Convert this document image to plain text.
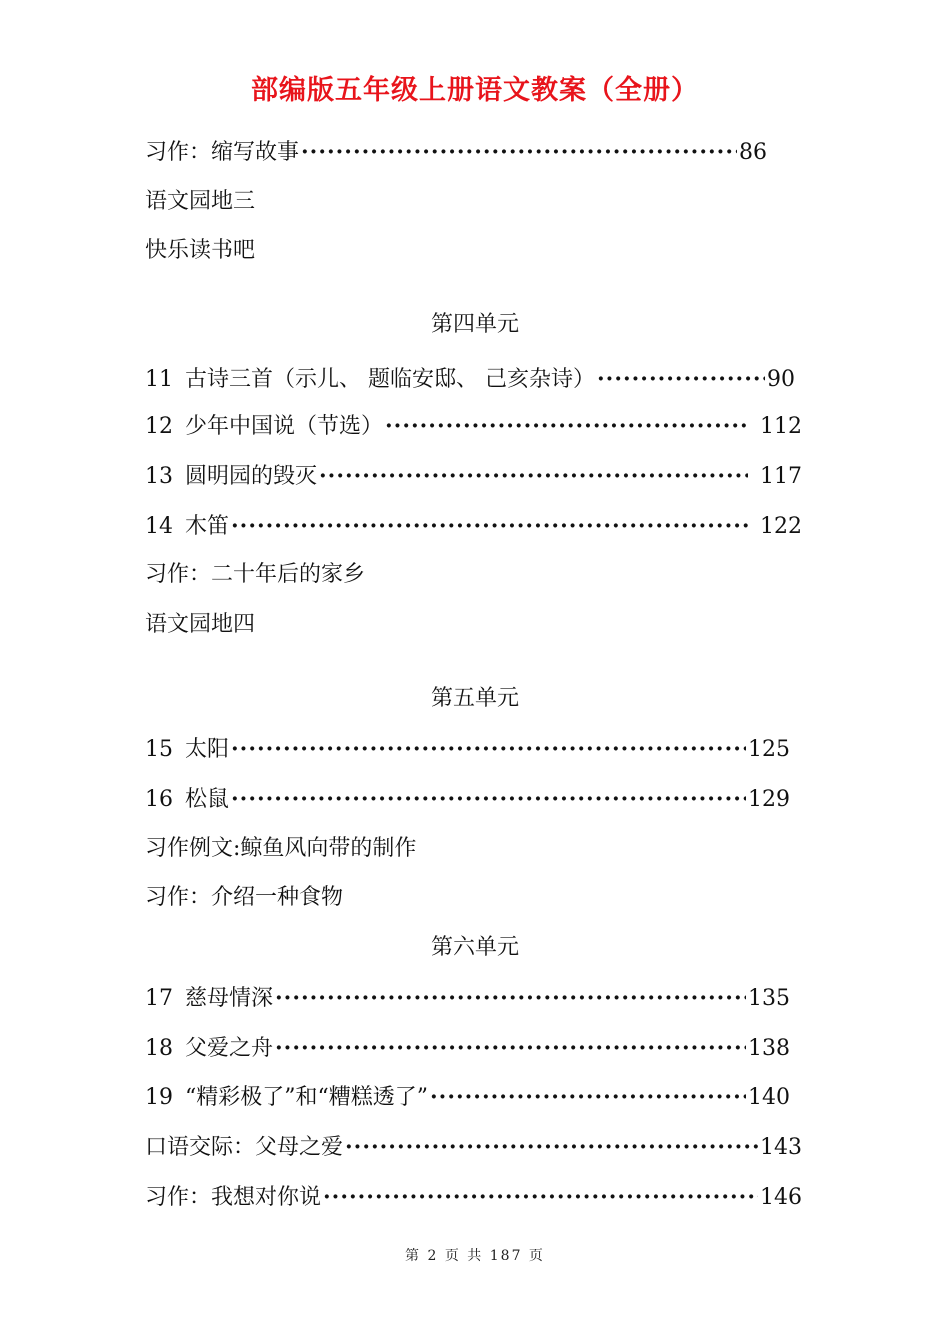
部编版五年级上册语文教案（全册）
习作：缩写故事 ·····	86
语文园地三
快乐读书吧
第四单元
11 古诗三首（示儿、 题临安邸、 己亥杂诗） ·····	90
12 少年中国说（节选） ·····	112
13 圆明园的毁灭 ·····	117
14 木笛 ·····	122
习作：二十年后的家乡
语文园地四
第五单元
15 太阳 ·····	125
16 松鼠 ·····	129
习作例文:鲸鱼风向带的制作
习作：介绍一种食物
第六单元
17 慈母情深 ·····	135
18 父爱之舟 ·····	138
19 “精彩极了”和“糟糕透了” ·····	140
口语交际：父母之爱 ·····	143
习作：我想对你说 ·····	146
第 2 页 共 187 页
